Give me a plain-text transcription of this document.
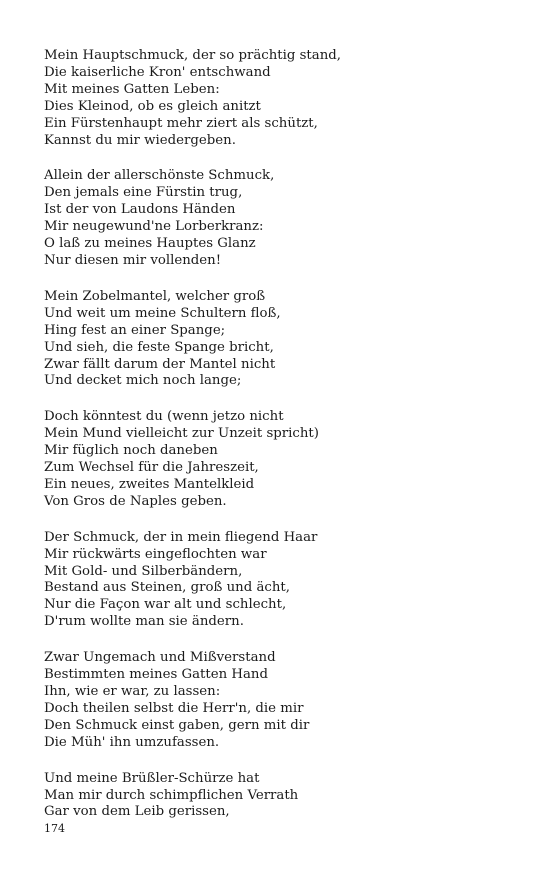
Mein Hauptschmuck, der so prächtig stand,
Die kaiserliche Kron' entschwand
Mit meines Gatten Leben:
Dies Kleinod, ob es gleich anitzt
Ein Fürstenhaupt mehr ziert als schützt,
Kannst du mir wiedergeben.
Allein der allerschönste Schmuck,
Den jemals eine Fürstin trug,
Ist der von Laudons Händen
Mir neugewund'ne Lorberkranz:
O laß zu meines Hauptes Glanz
Nur diesen mir vollenden!
Mein Zobelmantel, welcher groß
Und weit um meine Schultern floß,
Hing fest an einer Spange;
Und sieh, die feste Spange bricht,
Zwar fällt darum der Mantel nicht
Und decket mich noch lange;
Doch könntest du (wenn jetzo nicht
Mein Mund vielleicht zur Unzeit spricht)
Mir füglich noch daneben
Zum Wechsel für die Jahreszeit,
Ein neues, zweites Mantelkleid
Von Gros de Naples geben.
Der Schmuck, der in mein fliegend Haar
Mir rückwärts eingeflochten war
Mit Gold- und Silberbändern,
Bestand aus Steinen, groß und ächt,
Nur die Façon war alt und schlecht,
D'rum wollte man sie ändern.
Zwar Ungemach und Mißverstand
Bestimmten meines Gatten Hand
Ihn, wie er war, zu lassen:
Doch theilen selbst die Herr'n, die mir
Den Schmuck einst gaben, gern mit dir
Die Müh' ihn umzufassen.
Und meine Brüßler-Schürze hat
Man mir durch schimpflichen Verrath
Gar von dem Leib gerissen,
174
